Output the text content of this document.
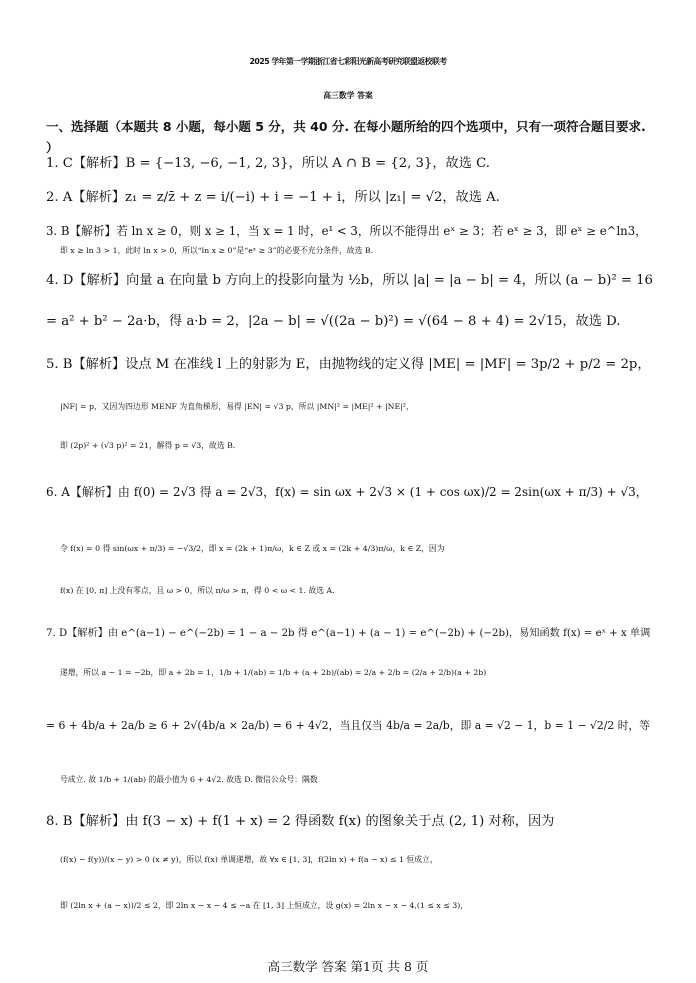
2025 学年第一学期浙江省七彩阳光新高考研究联盟返校联考
高三数学 答案
一、选择题（本题共 8 小题，每小题 5 分，共 40 分. 在每小题所给的四个选项中，只有一项符合题目要求. ）
1. C【解析】B = {−13, −6, −1, 2, 3}，所以 A ∩ B = {2, 3}，故选 C.
2. A【解析】z₁ = z/z̄ + z = i/(−i) + i = −1 + i，所以 |z₁| = √2，故选 A.
3. B【解析】若 ln x ≥ 0，则 x ≥ 1，当 x = 1 时，e¹ < 3，所以不能得出 eˣ ≥ 3；若 eˣ ≥ 3，即 eˣ ≥ e^ln3，
即 x ≥ ln 3 > 1，此时 ln x > 0，所以“ln x ≥ 0”是“eˣ ≥ 3”的必要不充分条件，故选 B.
4. D【解析】向量 a 在向量 b 方向上的投影向量为 ½b，所以 |a| = |a − b| = 4，所以 (a − b)² = 16
= a² + b² − 2a·b，得 a·b = 2，|2a − b| = √((2a − b)²) = √(64 − 8 + 4) = 2√15，故选 D.
5. B【解析】设点 M 在准线 l 上的射影为 E，由抛物线的定义得 |ME| = |MF| = 3p/2 + p/2 = 2p，
|NF| = p，又因为四边形 MENF 为直角梯形，易得 |EN| = √3 p，所以 |MN|² = |ME|² + |NE|²，
即 (2p)² + (√3 p)² = 21，解得 p = √3，故选 B.
6. A【解析】由 f(0) = 2√3 得 a = 2√3，f(x) = sin ωx + 2√3 × (1 + cos ωx)/2 = 2sin(ωx + π/3) + √3，
令 f(x) = 0 得 sin(ωx + π/3) = −√3/2，即 x = (2k + 1)π/ω，k ∈ Z 或 x = (2k + 4/3)π/ω，k ∈ Z，因为
f(x) 在 [0, π] 上没有零点，且 ω > 0，所以 π/ω > π，得 0 < ω < 1. 故选 A.
7. D【解析】由 e^(a−1) − e^(−2b) = 1 − a − 2b 得 e^(a−1) + (a − 1) = e^(−2b) + (−2b)，易知函数 f(x) = eˣ + x 单调
递增，所以 a − 1 = −2b，即 a + 2b = 1，1/b + 1/(ab) = 1/b + (a + 2b)/(ab) = 2/a + 2/b = (2/a + 2/b)(a + 2b)
= 6 + 4b/a + 2a/b ≥ 6 + 2√(4b/a × 2a/b) = 6 + 4√2，当且仅当 4b/a = 2a/b，即 a = √2 − 1，b = 1 − √2/2 时，等
号成立. 故 1/b + 1/(ab) 的最小值为 6 + 4√2. 故选 D. 微信公众号：隅数
8. B【解析】由 f(3 − x) + f(1 + x) = 2 得函数 f(x) 的图象关于点 (2, 1) 对称，因为
(f(x) − f(y))/(x − y) > 0 (x ≠ y)，所以 f(x) 单调递增，故 ∀x ∈ [1, 3]，f(2ln x) + f(a − x) ≤ 1 恒成立，
即 (2ln x + (a − x))/2 ≤ 2，即 2ln x − x − 4 ≤ −a 在 [1, 3] 上恒成立，设 g(x) = 2ln x − x − 4,(1 ≤ x ≤ 3)，
高三数学 答案 第1页 共 8 页
